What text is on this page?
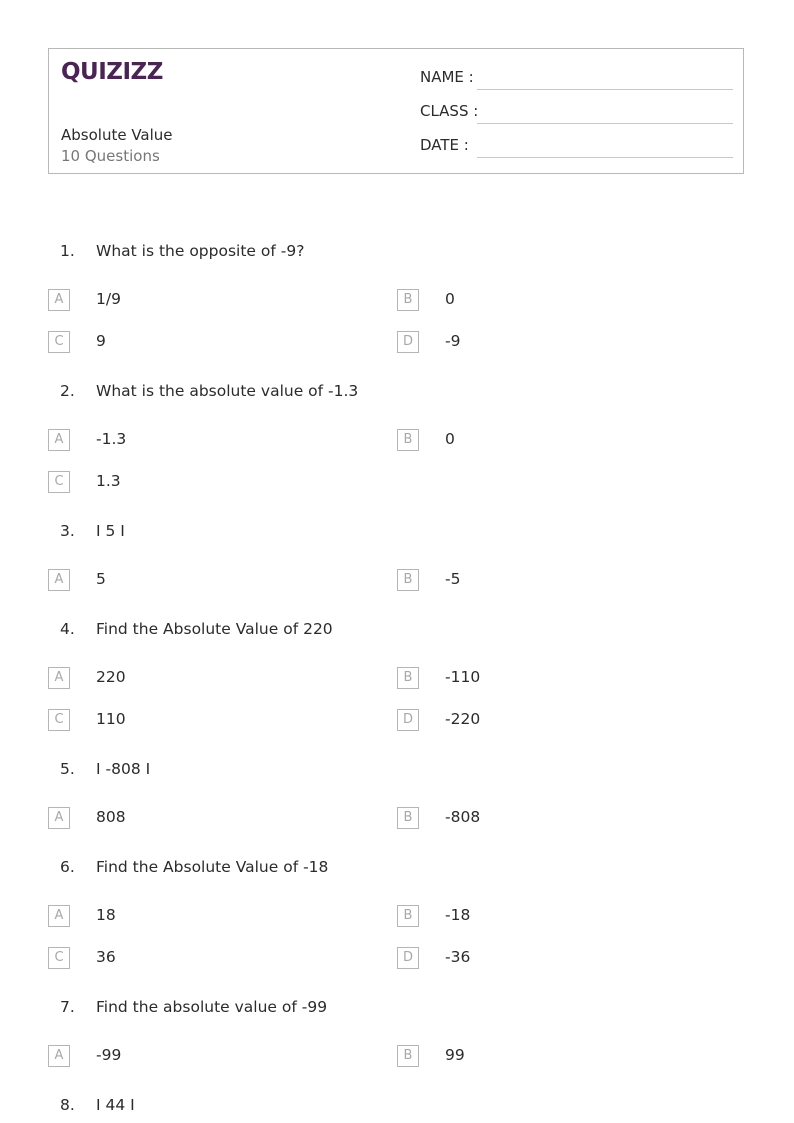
QUIZIZZ
Absolute Value
10 Questions
NAME :
CLASS :
DATE :
1. What is the opposite of -9?
A	1/9	B	0
C	9	D	-9
2. What is the absolute value of -1.3
A	-1.3	B	0
C	1.3
3. I 5 I
A	5	B	-5
4. Find the Absolute Value of 220
A	220	B	-110
C	110	D	-220
5. I -808 I
A	808	B	-808
6. Find the Absolute Value of -18
A	18	B	-18
C	36	D	-36
7. Find the absolute value of -99
A	-99	B	99
8. I 44 I
